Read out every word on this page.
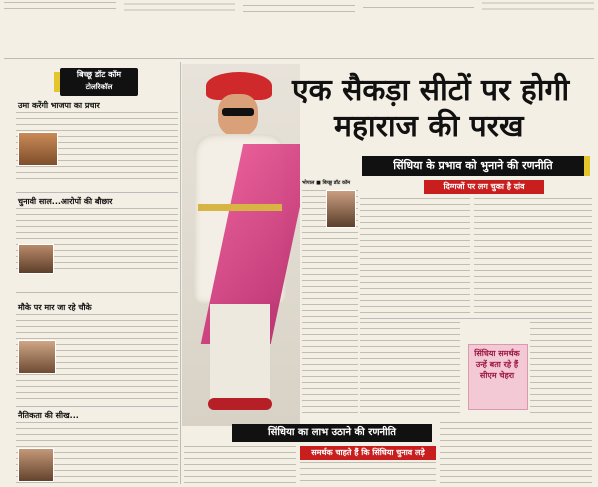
बिच्छू डॉट कॉम
टोलरिकॉल
उमा करेंगी भाजपा का प्रचार
चुनावी साल...आरोपों की बौछार
मौके पर मार जा रहे चौके
नैतिकता की सीख...
एक सैकड़ा सीटों पर होगी
महाराज की परख
सिंधिया के प्रभाव को भुनाने की रणनीति
दिग्गजों पर लग चुका है दांव
भोपाल ■ बिच्छू डॉट कॉम
सिंधिया समर्थक उन्हें बता रहे हैं सीएम चेहरा
सिंधिया का लाभ उठाने की रणनीति
समर्थक चाहते हैं कि सिंधिया चुनाव लड़े
